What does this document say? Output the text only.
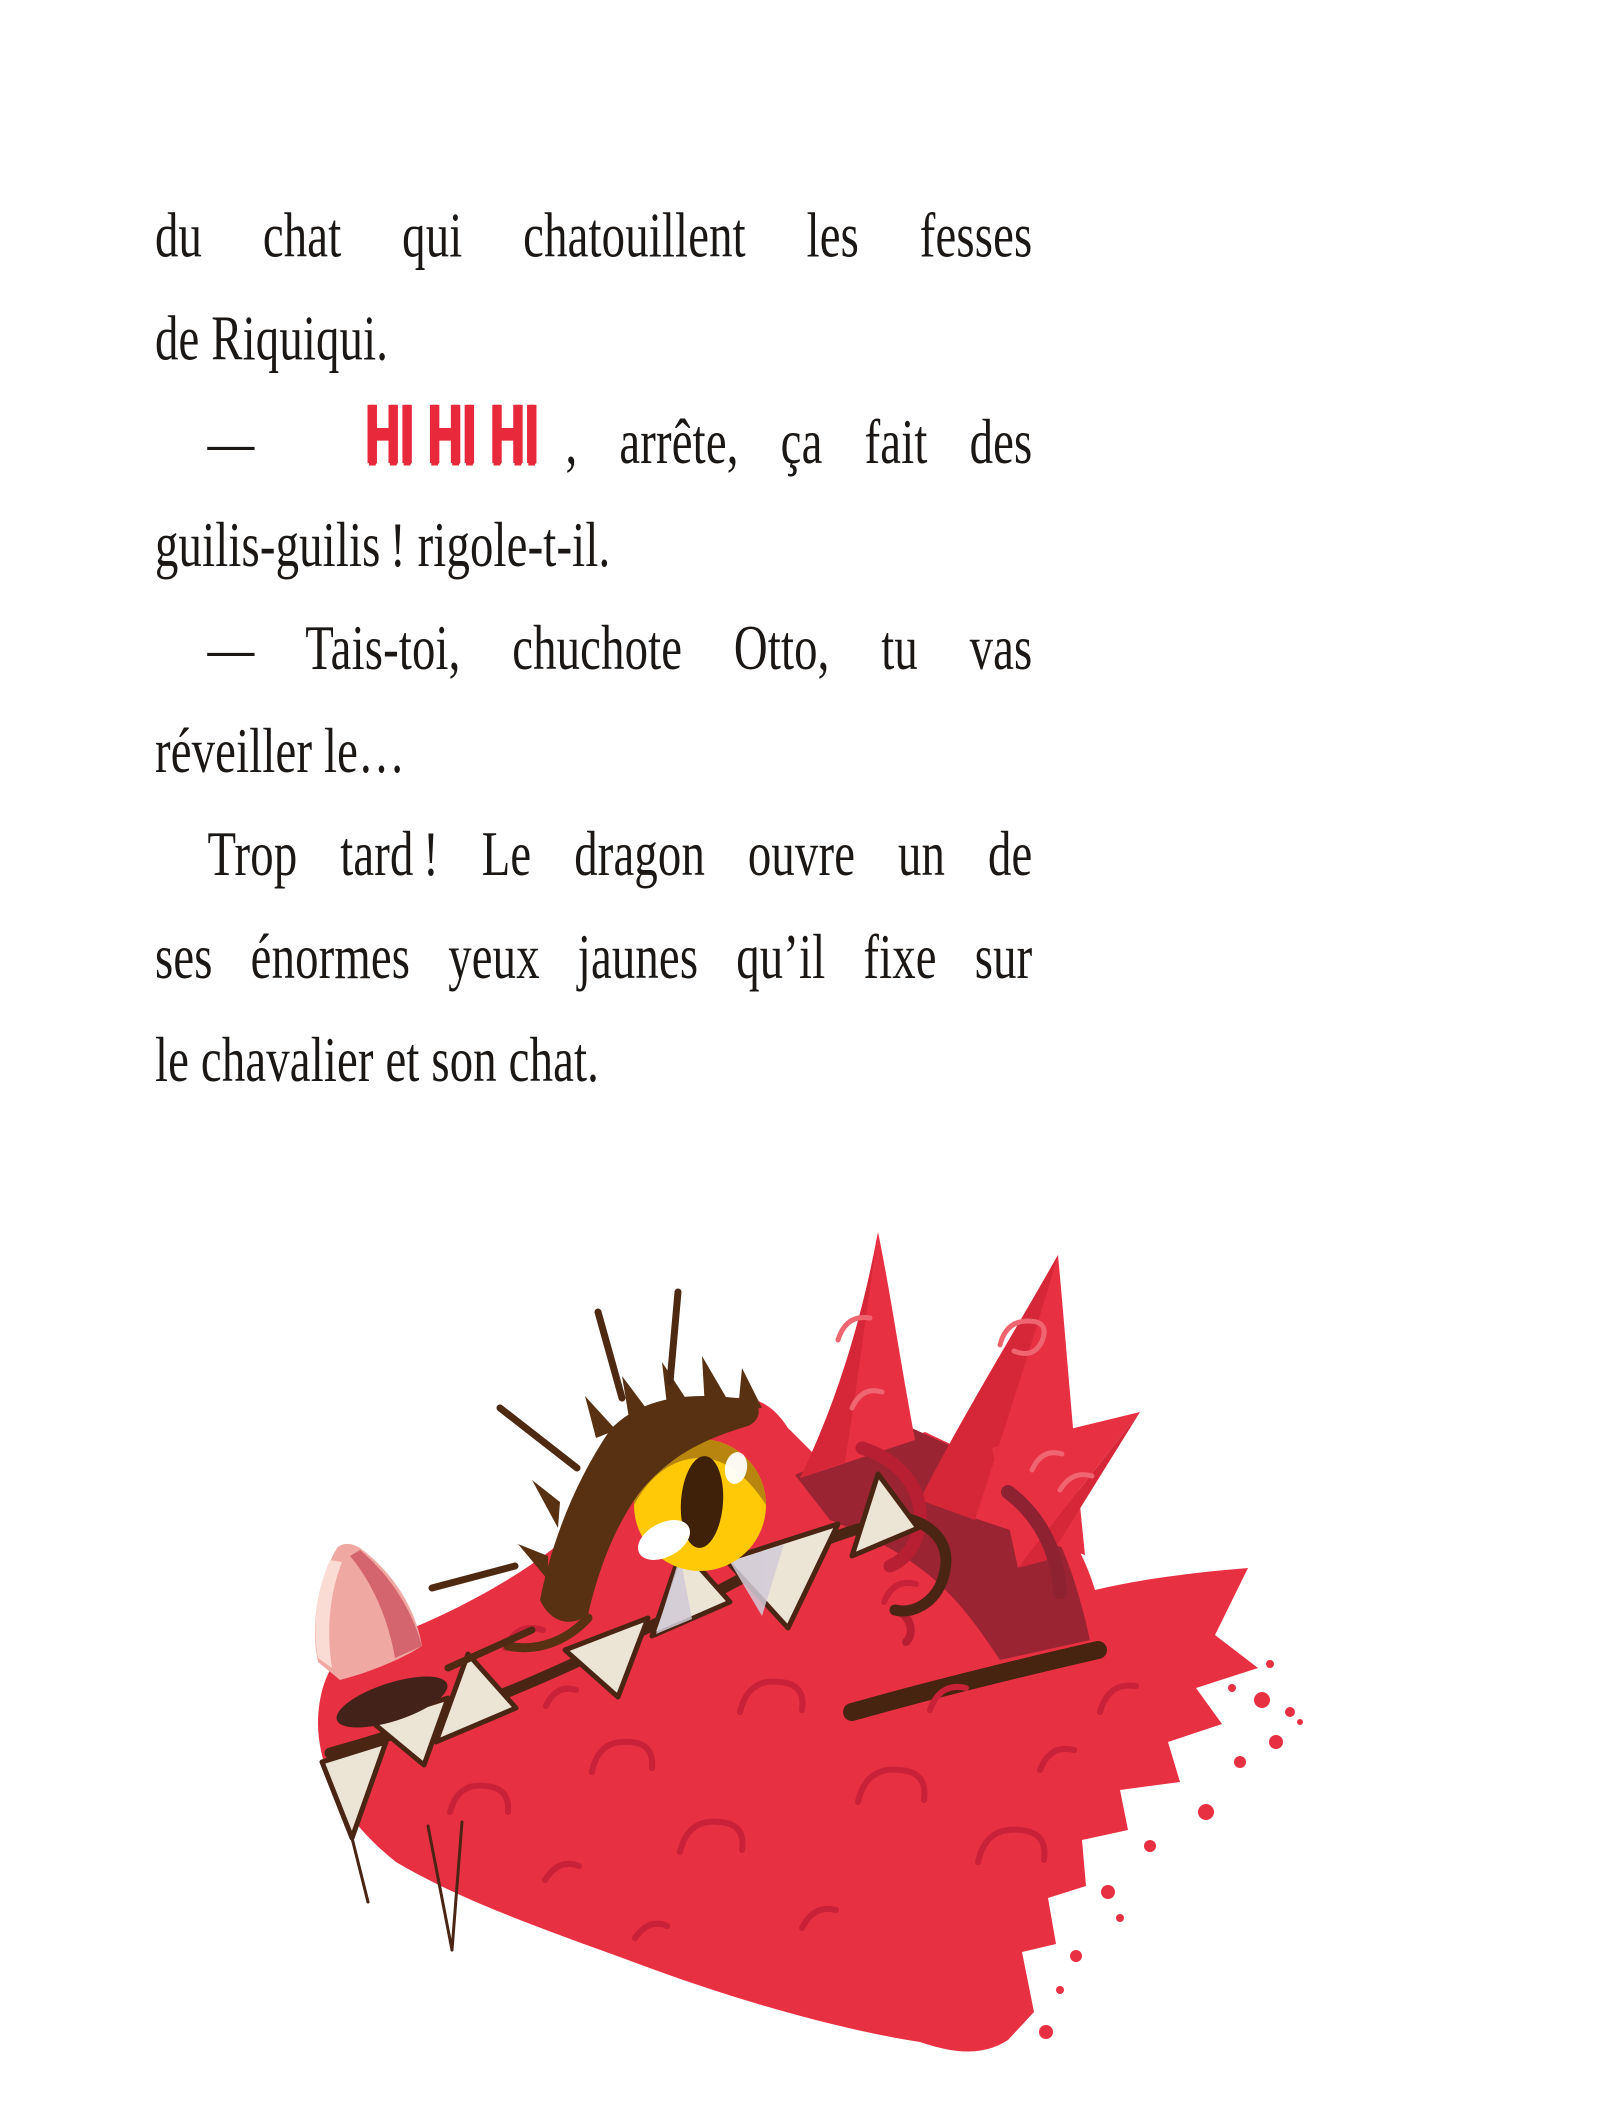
du chat qui chatouillent les fesses
de Riquiqui.
— HI HI HI , arrête, ça fait des
guilis-guilis ! rigole-t-il.
— Tais-toi, chuchote Otto, tu vas
réveiller le…
Trop tard ! Le dragon ouvre un de
ses énormes yeux jaunes qu’il fixe sur
le chavalier et son chat.
